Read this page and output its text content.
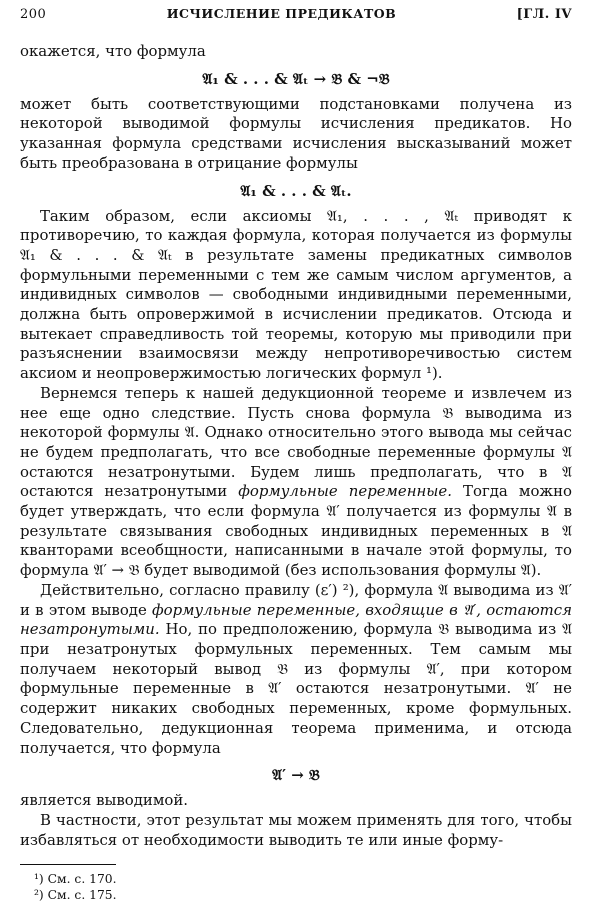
200	ИСЧИСЛЕНИЕ ПРЕДИКАТОВ	[ГЛ. IV

окажется, что формула

𝔄₁ & . . . & 𝔄ₜ → 𝔅 & ¬𝔅

может быть соответствующими подстановками получена из некоторой выводимой формулы исчисления предикатов. Но указанная формула средствами исчисления высказываний может быть преобразована в отрицание формулы

𝔄₁ & . . . & 𝔄ₜ.

Таким образом, если аксиомы 𝔄₁, . . . , 𝔄ₜ приводят к противоречию, то каждая формула, которая получается из формулы 𝔄₁ & . . . & 𝔄ₜ в результате замены предикатных символов формульными переменными с тем же самым числом аргументов, а индивидных символов — свободными индивидными переменными, должна быть опровержимой в исчислении предикатов. Отсюда и вытекает справедливость той теоремы, которую мы приводили при разъяснении взаимосвязи между непротиворечивостью систем аксиом и неопровержимостью логических формул ¹).

Вернемся теперь к нашей дедукционной теореме и извлечем из нее еще одно следствие. Пусть снова формула 𝔅 выводима из некоторой формулы 𝔄. Однако относительно этого вывода мы сейчас не будем предполагать, что все свободные переменные формулы 𝔄 остаются незатронутыми. Будем лишь предполагать, что в 𝔄 остаются незатронутыми формульные переменные. Тогда можно будет утверждать, что если формула 𝔄′ получается из формулы 𝔄 в результате связывания свободных индивидных переменных в 𝔄 кванторами всеобщности, написанными в начале этой формулы, то формула 𝔄′ → 𝔅 будет выводимой (без использования формулы 𝔄).

Действительно, согласно правилу (ε′) ²), формула 𝔄 выводима из 𝔄′ и в этом выводе формульные переменные, входящие в 𝔄′, остаются незатронутыми. Но, по предположению, формула 𝔅 выводима из 𝔄 при незатронутых формульных переменных. Тем самым мы получаем некоторый вывод 𝔅 из формулы 𝔄′, при котором формульные переменные в 𝔄′ остаются незатронутыми. 𝔄′ не содержит никаких свободных переменных, кроме формульных. Следовательно, дедукционная теорема применима, и отсюда получается, что формула

𝔄′ → 𝔅

является выводимой.

В частности, этот результат мы можем применять для того, чтобы избавляться от необходимости выводить те или иные форму-

¹) См. с. 170.

²) См. с. 175.
